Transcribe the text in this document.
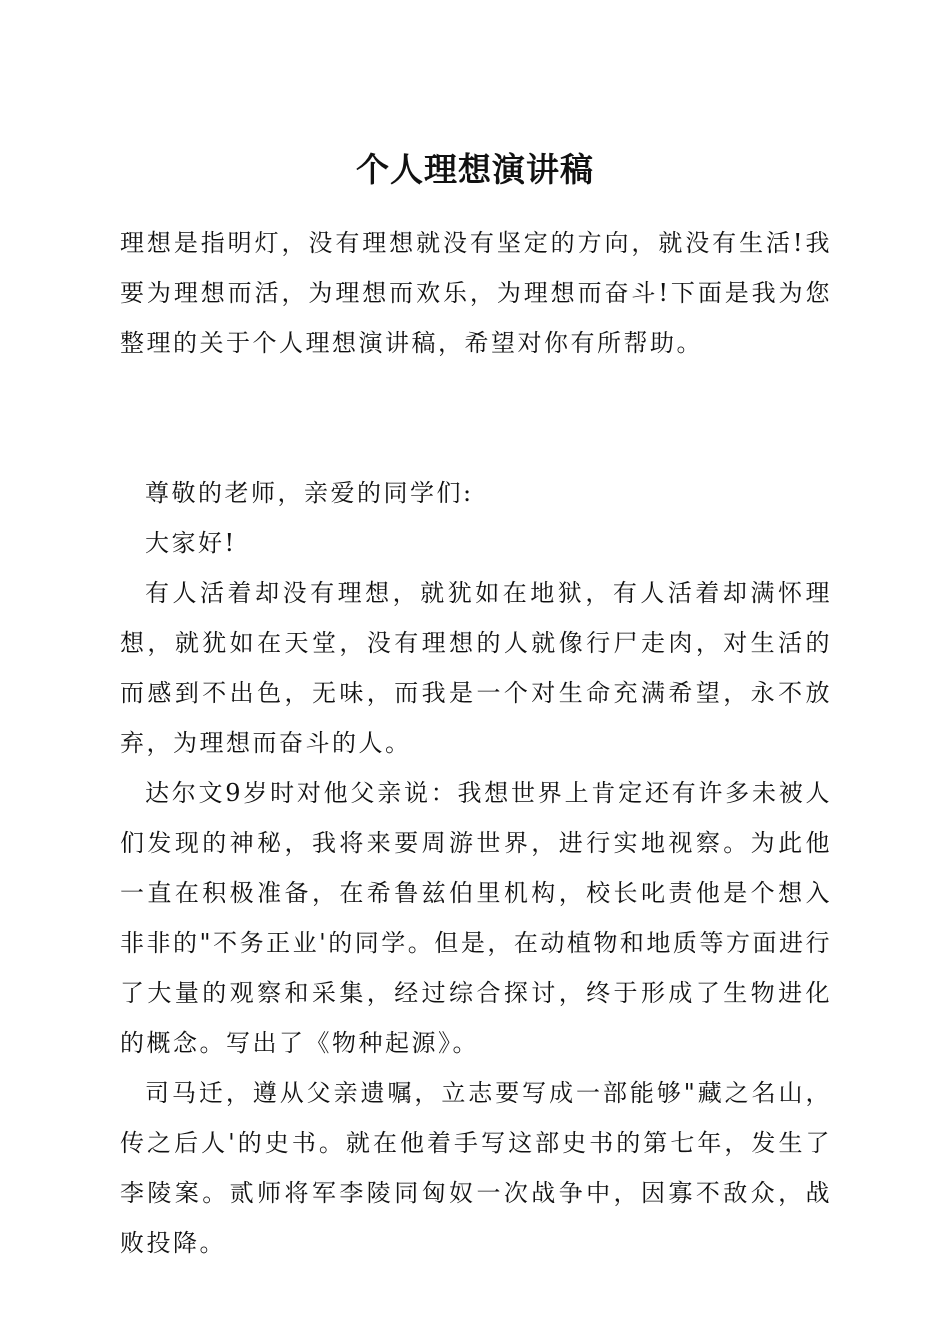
个人理想演讲稿

理想是指明灯，没有理想就没有坚定的方向，就没有生活!我要为理想而活，为理想而欢乐，为理想而奋斗!下面是我为您整理的关于个人理想演讲稿，希望对你有所帮助。

尊敬的老师，亲爱的同学们:

大家好!

有人活着却没有理想，就犹如在地狱，有人活着却满怀理想，就犹如在天堂，没有理想的人就像行尸走肉，对生活的而感到不出色，无味，而我是一个对生命充满希望，永不放弃，为理想而奋斗的人。

达尔文9岁时对他父亲说：我想世界上肯定还有许多未被人们发现的神秘，我将来要周游世界，进行实地视察。为此他一直在积极准备，在希鲁兹伯里机构，校长叱责他是个想入非非的"不务正业'的同学。但是，在动植物和地质等方面进行了大量的观察和采集，经过综合探讨，终于形成了生物进化的概念。写出了《物种起源》。

司马迁，遵从父亲遗嘱，立志要写成一部能够"藏之名山，传之后人'的史书。就在他着手写这部史书的第七年，发生了李陵案。贰师将军李陵同匈奴一次战争中，因寡不敌众，战败投降。
